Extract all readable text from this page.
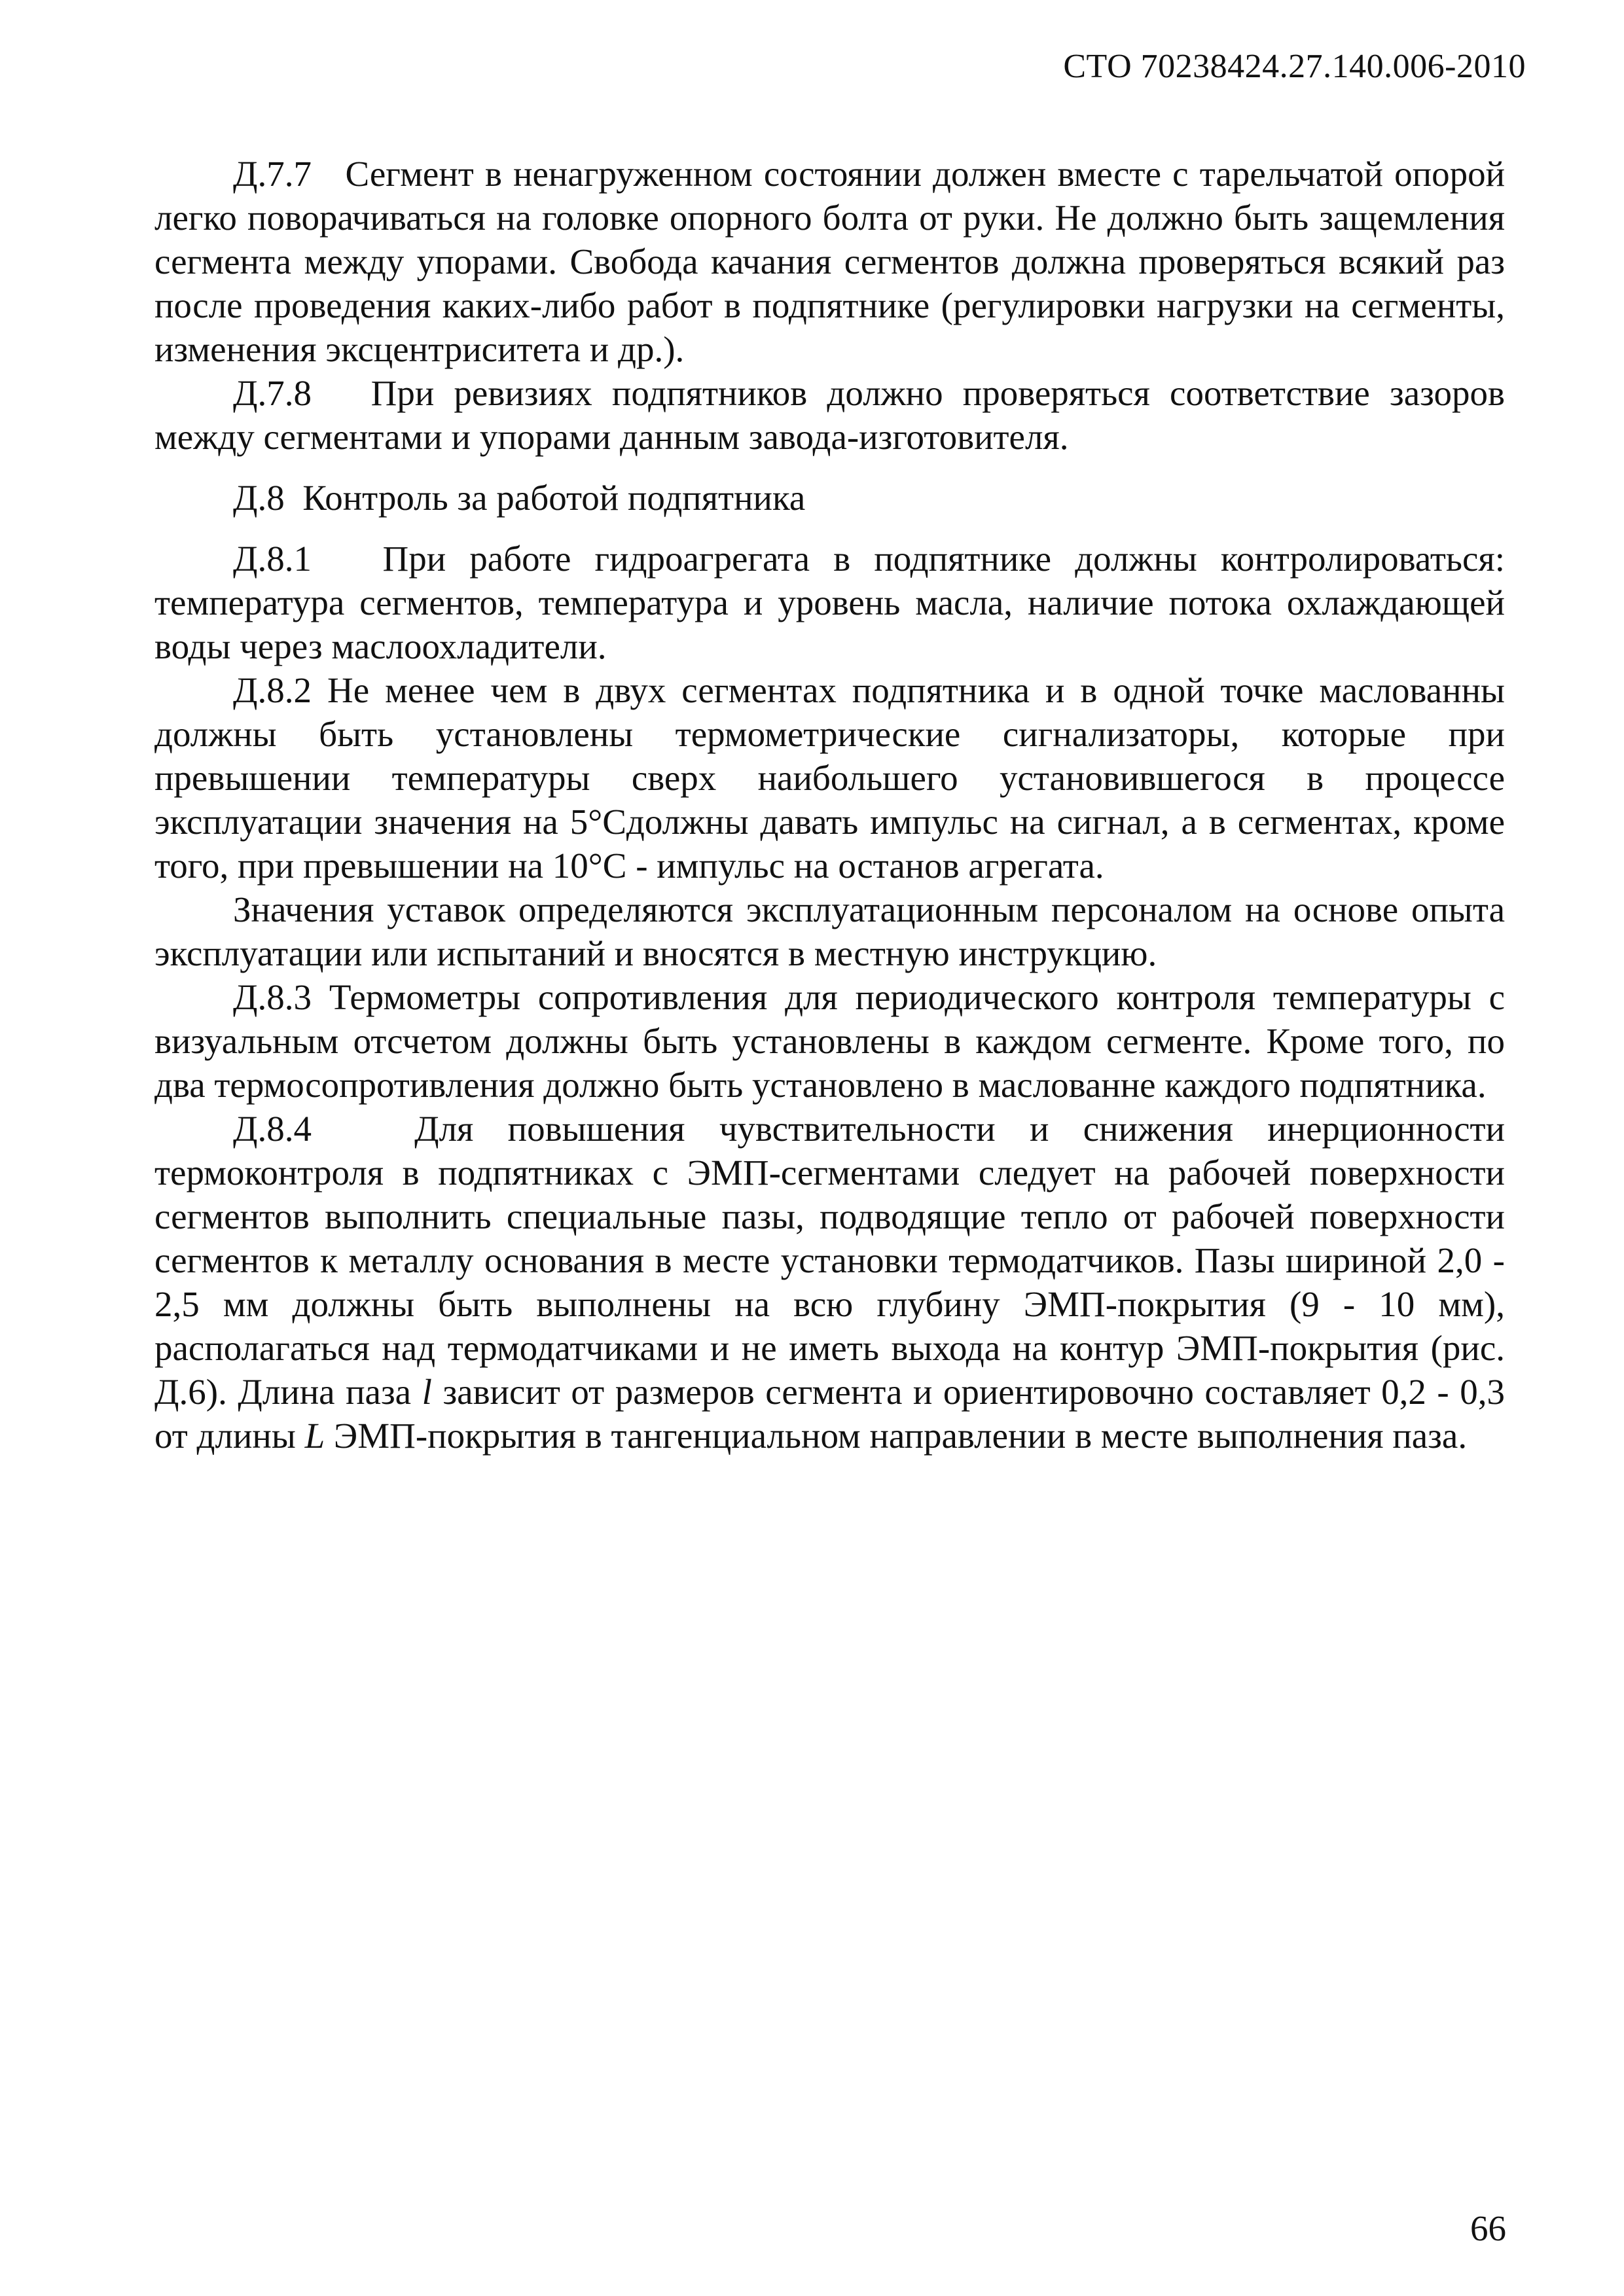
СТО 70238424.27.140.006-2010

Д.7.7 Сегмент в ненагруженном состоянии должен вместе с тарельчатой опорой легко поворачиваться на головке опорного болта от руки. Не должно быть защемления сегмента между упорами. Свобода качания сегментов должна проверяться всякий раз после проведения каких-либо работ в подпятнике (регулировки нагрузки на сегменты, изменения эксцентриситета и др.).

Д.7.8 При ревизиях подпятников должно проверяться соответствие зазоров между сегментами и упорами данным завода-изготовителя.

Д.8 Контроль за работой подпятника

Д.8.1 При работе гидроагрегата в подпятнике должны контролироваться: температура сегментов, температура и уровень масла, наличие потока охлаждающей воды через маслоохладители.

Д.8.2 Не менее чем в двух сегментах подпятника и в одной точке маслованны должны быть установлены термометрические сигнализаторы, которые при превышении температуры сверх наибольшего установившегося в процессе эксплуатации значения на 5°Сдолжны давать импульс на сигнал, а в сегментах, кроме того, при превышении на 10°С - импульс на останов агрегата.

Значения уставок определяются эксплуатационным персоналом на основе опыта эксплуатации или испытаний и вносятся в местную инструкцию.

Д.8.3 Термометры сопротивления для периодического контроля температуры с визуальным отсчетом должны быть установлены в каждом сегменте. Кроме того, по два термосопротивления должно быть установлено в маслованне каждого подпятника.

Д.8.4	Для повышения чувствительности и снижения инерционности термоконтроля в подпятниках с ЭМП-сегментами следует на рабочей поверхности сегментов выполнить специальные пазы, подводящие тепло от рабочей поверхности сегментов к металлу основания в месте установки термодатчиков. Пазы шириной 2,0 - 2,5 мм должны быть выполнены на всю глубину ЭМП-покрытия (9 - 10 мм), располагаться над термодатчиками и не иметь выхода на контур ЭМП-покрытия (рис. Д.6). Длина паза l зависит от размеров сегмента и ориентировочно составляет 0,2 - 0,3 от длины L ЭМП-покрытия в тангенциальном направлении в месте выполнения паза.

66
